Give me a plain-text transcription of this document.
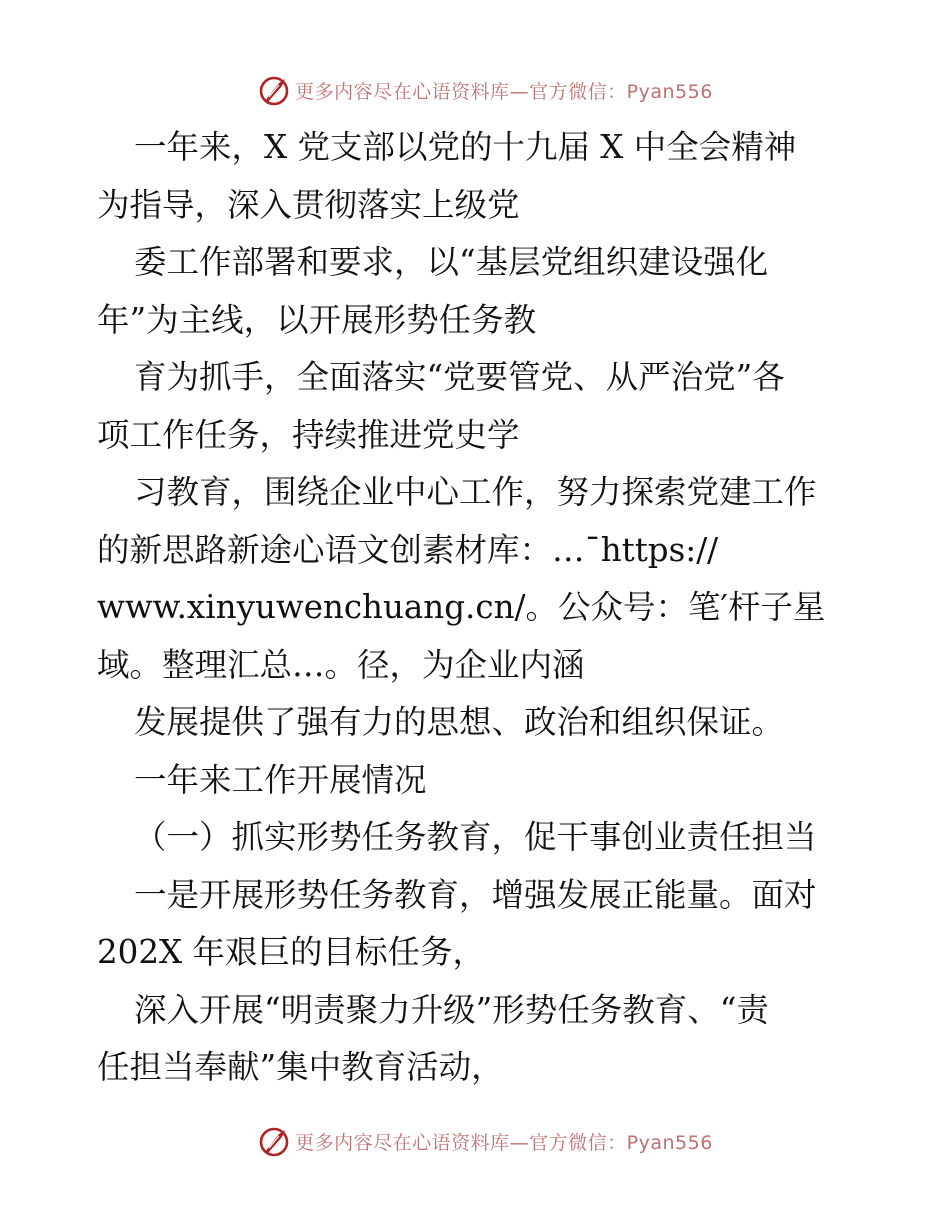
更多内容尽在心语资料库—官方微信：Pyan556
一年来，X 党支部以党的十九届 X 中全会精神
为指导，深入贯彻落实上级党
委工作部署和要求，以“基层党组织建设强化
年”为主线，以开展形势任务教
育为抓手，全面落实“党要管党、从严治党”各
项工作任务，持续推进党史学
习教育，围绕企业中心工作，努力探索党建工作
的新思路新途心语文创素材库：…¯https://
www.xinyuwenchuang.cn/。公众号：笔′杆子星
域。整理汇总…。径，为企业内涵
发展提供了强有力的思想、政治和组织保证。
一年来工作开展情况
（一）抓实形势任务教育，促干事创业责任担当
一是开展形势任务教育，增强发展正能量。面对
202X 年艰巨的目标任务，
深入开展“明责聚力升级”形势任务教育、“责
任担当奉献”集中教育活动，
更多内容尽在心语资料库—官方微信：Pyan556
